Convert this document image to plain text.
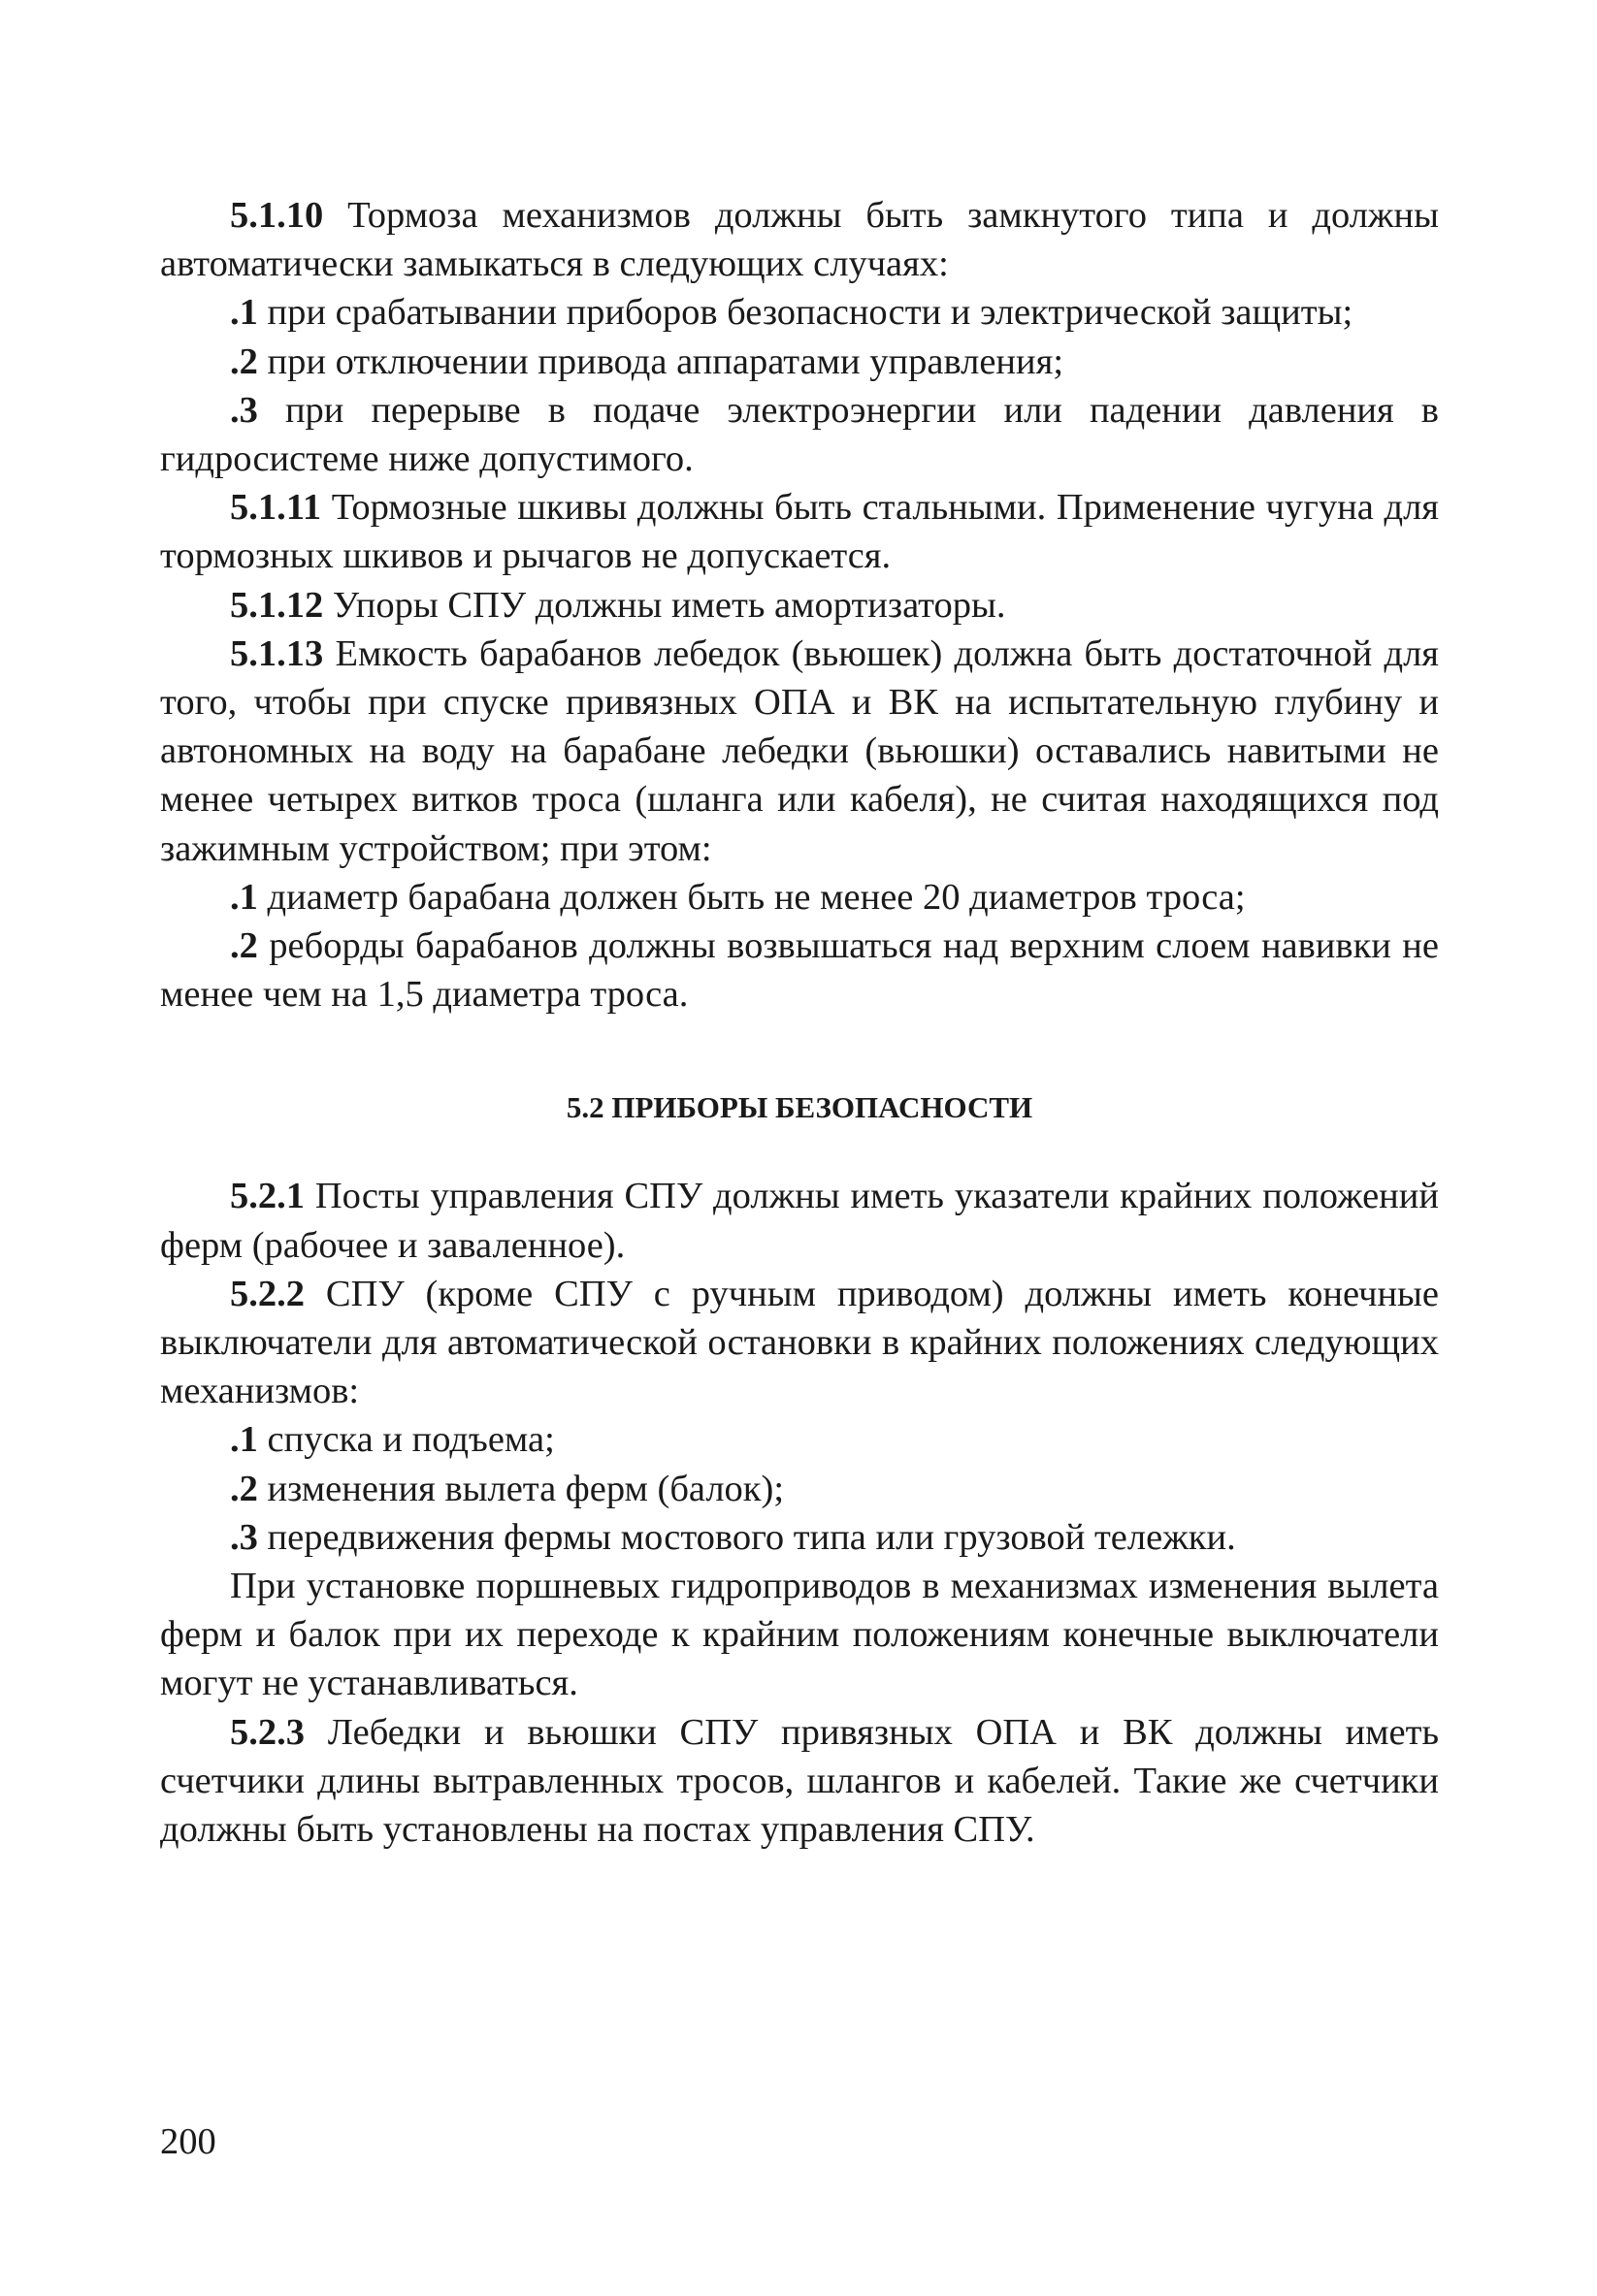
5.1.10 Тормоза механизмов должны быть замкнутого типа и должны автоматически замыкаться в следующих случаях:

.1 при срабатывании приборов безопасности и электрической защиты;

.2 при отключении привода аппаратами управления;

.3 при перерыве в подаче электроэнергии или падении давления в гидросистеме ниже допустимого.

5.1.11 Тормозные шкивы должны быть стальными. Применение чугуна для тормозных шкивов и рычагов не допускается.

5.1.12 Упоры СПУ должны иметь амортизаторы.

5.1.13 Емкость барабанов лебедок (вьюшек) должна быть достаточной для того, чтобы при спуске привязных ОПА и ВК на испытательную глубину и автономных на воду на барабане лебедки (вьюшки) оставались навитыми не менее четырех витков троса (шланга или кабеля), не считая находящихся под зажимным устройством; при этом:

.1 диаметр барабана должен быть не менее 20 диаметров троса;

.2 реборды барабанов должны возвышаться над верхним слоем навивки не менее чем на 1,5 диаметра троса.

5.2 ПРИБОРЫ БЕЗОПАСНОСТИ

5.2.1 Посты управления СПУ должны иметь указатели крайних положений ферм (рабочее и заваленное).

5.2.2 СПУ (кроме СПУ с ручным приводом) должны иметь конечные выключатели для автоматической остановки в крайних положениях следующих механизмов:

.1 спуска и подъема;

.2 изменения вылета ферм (балок);

.3 передвижения фермы мостового типа или грузовой тележки.

При установке поршневых гидроприводов в механизмах изменения вылета ферм и балок при их переходе к крайним положениям конечные выключатели могут не устанавливаться.

5.2.3 Лебедки и вьюшки СПУ привязных ОПА и ВК должны иметь счетчики длины вытравленных тросов, шлангов и кабелей. Такие же счетчики должны быть установлены на постах управления СПУ.

200
